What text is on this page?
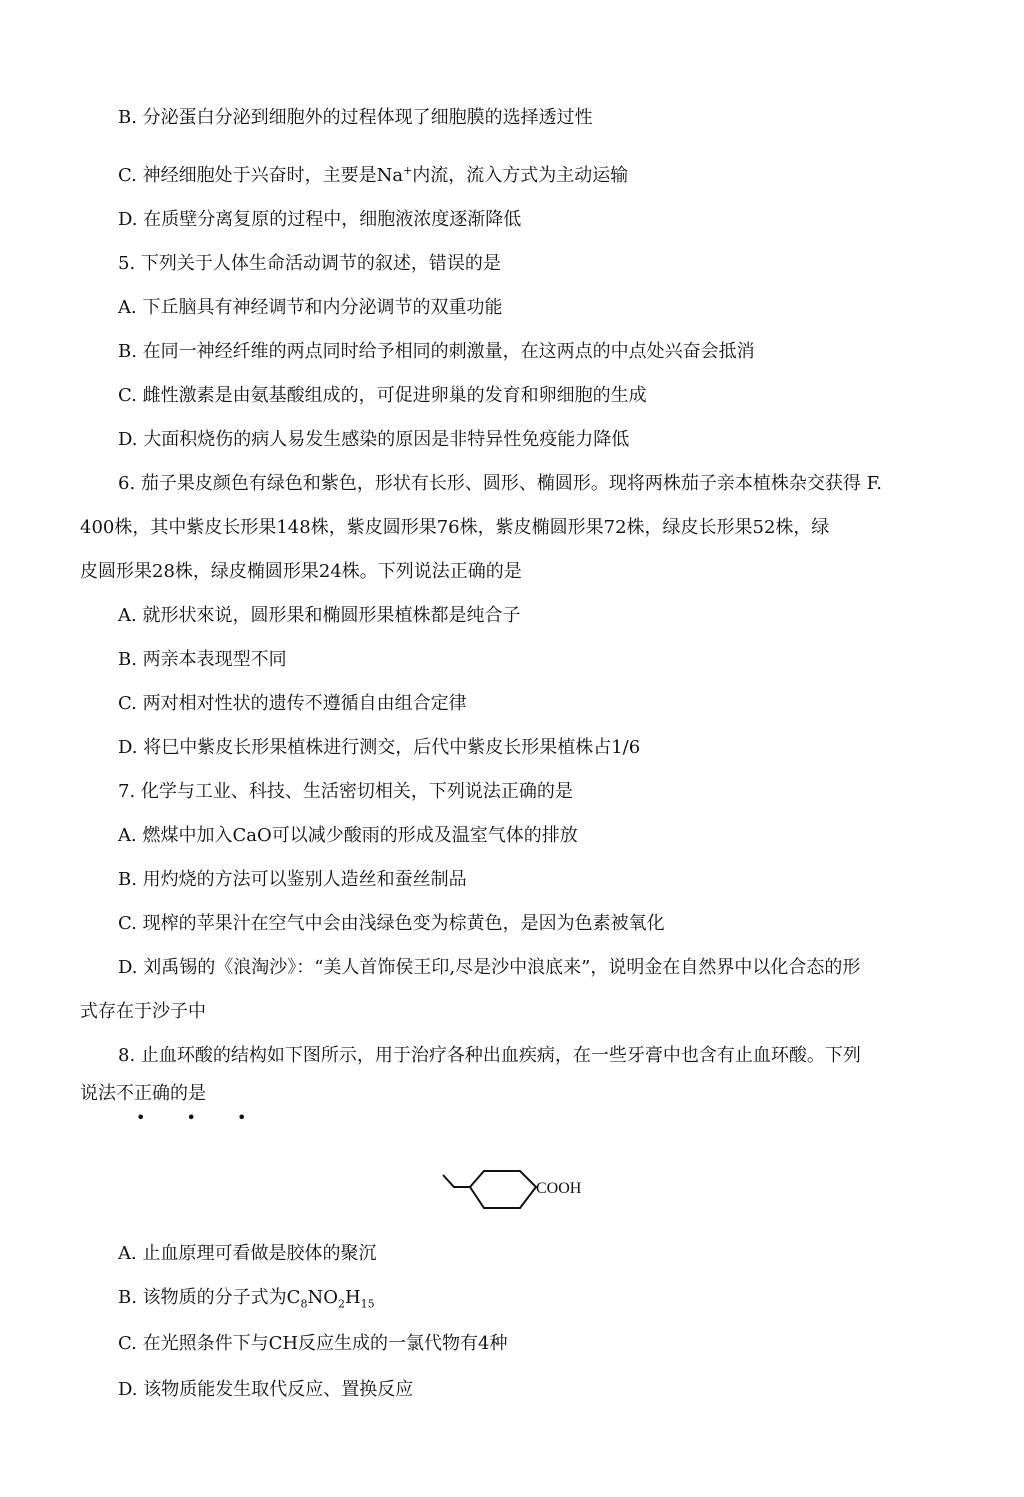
B. 分泌蛋白分泌到细胞外的过程体现了细胞膜的选择透过性
C. 神经细胞处于兴奋时，主要是Na+内流，流入方式为主动运输
D. 在质壁分离复原的过程中，细胞液浓度逐渐降低
5. 下列关于人体生命活动调节的叙述，错误的是
A. 下丘脑具有神经调节和内分泌调节的双重功能
B. 在同一神经纤维的两点同时给予相同的刺激量，在这两点的中点处兴奋会抵消
C. 雌性激素是由氨基酸组成的，可促进卵巢的发育和卵细胞的生成
D. 大面积烧伤的病人易发生感染的原因是非特异性免疫能力降低
6. 茄子果皮颜色有绿色和紫色，形状有长形、圆形、椭圆形。现将两株茄子亲本植株杂交获得 F.
400株，其中紫皮长形果148株，紫皮圆形果76株，紫皮椭圆形果72株，绿皮长形果52株，绿
皮圆形果28株，绿皮椭圆形果24株。下列说法正确的是
A. 就形状來说，圆形果和椭圆形果植株都是纯合子
B. 两亲本表现型不同
C. 两对相对性状的遗传不遵循自由组合定律
D. 将巳中紫皮长形果植株进行测交，后代中紫皮长形果植株占1/6
7. 化学与工业、科技、生活密切相关，下列说法正确的是
A. 燃煤中加入CaO可以减少酸雨的形成及温室气体的排放
B. 用灼烧的方法可以鉴别人造丝和蚕丝制品
C. 现榨的苹果汁在空气中会由浅绿色变为棕黄色，是因为色素被氧化
D. 刘禹锡的《浪淘沙》：“美人首饰侯王印,尽是沙中浪底来”，说明金在自然界中以化合态的形
式存在于沙子中
8. 止血环酸的结构如下图所示，用于治疗各种出血疾病，在一些牙膏中也含有止血环酸。下列
说法不正确的是
• • •
COOH
A. 止血原理可看做是胶体的聚沉
B. 该物质的分子式为$C_8NO_2H_{15}$
C. 在光照条件下与CH反应生成的一氯代物有4种
D. 该物质能发生取代反应、置换反应
